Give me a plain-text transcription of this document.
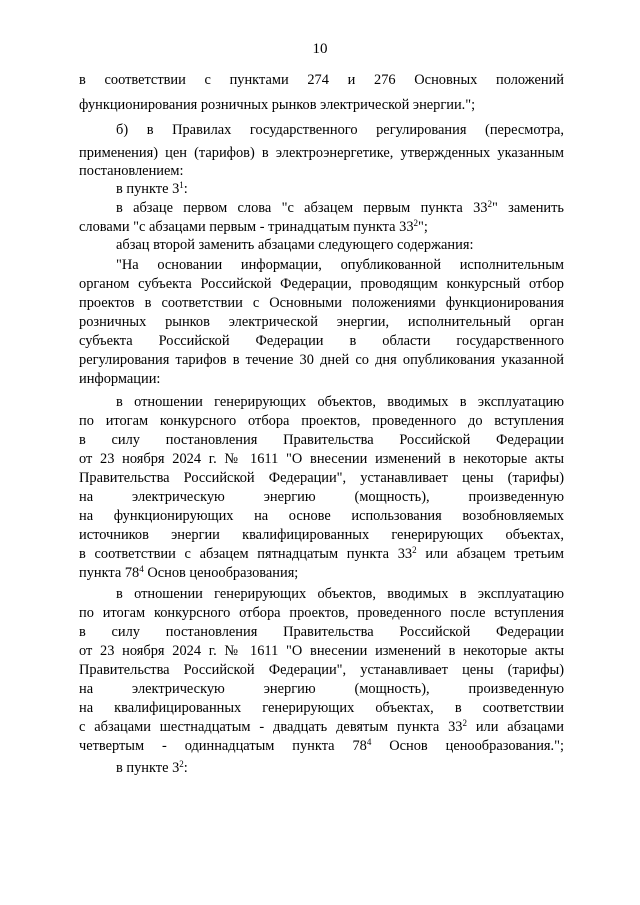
10
в соответствии с пунктами 274 и 276 Основных положений
функционирования розничных рынков электрической энергии.";
б) в Правилах государственного регулирования (пересмотра,
применения) цен (тарифов) в электроэнергетике, утвержденных указанным
постановлением:
в пункте $3^1$:
в абзаце первом слова "с абзацем первым пункта $33^2$" заменить
словами "с абзацами первым - тринадцатым пункта $33^2$";
абзац второй заменить абзацами следующего содержания:
"На основании информации, опубликованной исполнительным
органом субъекта Российской Федерации, проводящим конкурсный отбор
проектов в соответствии с Основными положениями функционирования
розничных рынков электрической энергии, исполнительный орган
субъекта Российской Федерации в области государственного
регулирования тарифов в течение 30 дней со дня опубликования указанной
информации:
в отношении генерирующих объектов, вводимых в эксплуатацию
по итогам конкурсного отбора проектов, проведенного до вступления
в силу постановления Правительства Российской Федерации
от 23 ноября 2024 г. № 1611 "О внесении изменений в некоторые акты
Правительства Российской Федерации", устанавливает цены (тарифы)
на электрическую энергию (мощность), произведенную
на функционирующих на основе использования возобновляемых
источников энергии квалифицированных генерирующих объектах,
в соответствии с абзацем пятнадцатым пункта $33^2$ или абзацем третьим
пункта $78^4$ Основ ценообразования;
в отношении генерирующих объектов, вводимых в эксплуатацию
по итогам конкурсного отбора проектов, проведенного после вступления
в силу постановления Правительства Российской Федерации
от 23 ноября 2024 г. № 1611 "О внесении изменений в некоторые акты
Правительства Российской Федерации", устанавливает цены (тарифы)
на электрическую энергию (мощность), произведенную
на квалифицированных генерирующих объектах, в соответствии
с абзацами шестнадцатым - двадцать девятым пункта $33^2$ или абзацами
четвертым - одиннадцатым пункта $78^4$ Основ ценообразования.";
в пункте $3^2$:
